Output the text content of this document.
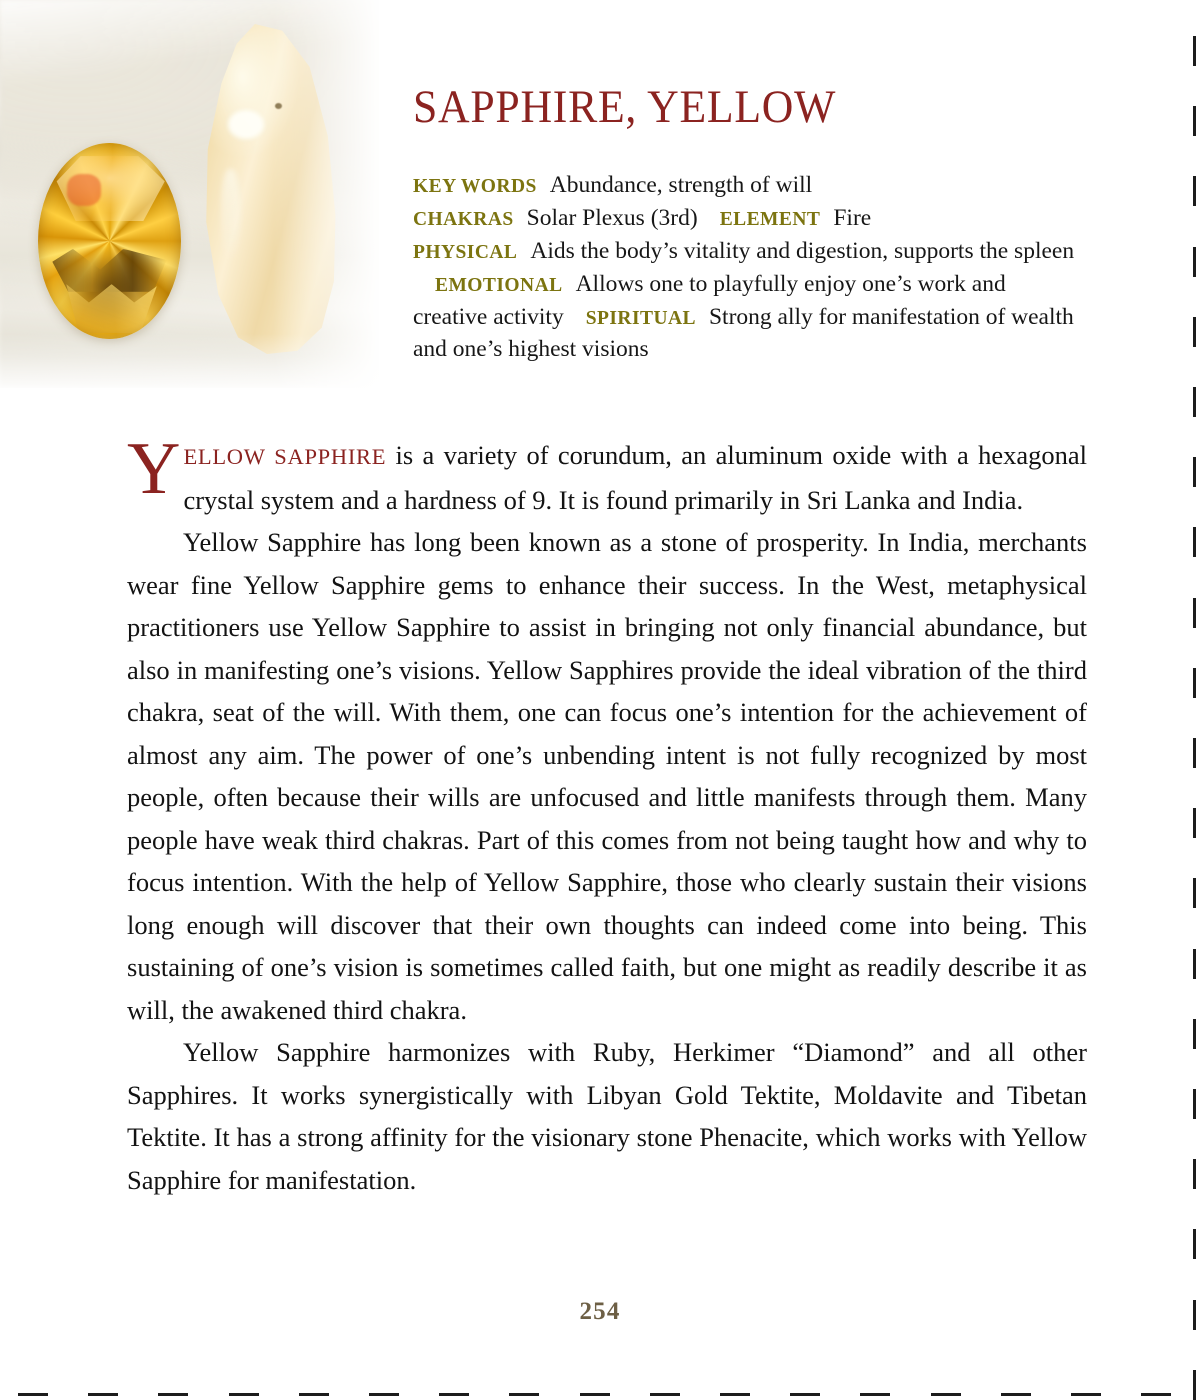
SAPPHIRE, YELLOW
KEY WORDS Abundance, strength of will
CHAKRAS Solar Plexus (3rd) ELEMENT Fire
PHYSICAL Aids the body’s vitality and digestion, supports the spleenEMOTIONAL Allows one to playfully enjoy one’s work and creative activity SPIRITUAL Strong ally for manifestation of wealth and one’s highest visions

YELLOW SAPPHIRE is a variety of corundum, an aluminum oxide with a hexagonal crystal system and a hardness of 9. It is found primarily in Sri Lanka and India.

Yellow Sapphire has long been known as a stone of prosperity. In India, merchants wear fine Yellow Sapphire gems to enhance their success. In the West, metaphysical practitioners use Yellow Sapphire to assist in bringing not only financial abundance, but also in manifesting one’s visions. Yellow Sapphires provide the ideal vibration of the third chakra, seat of the will. With them, one can focus one’s intention for the achievement of almost any aim. The power of one’s unbending intent is not fully recognized by most people, often because their wills are unfocused and little manifests through them. Many people have weak third chakras. Part of this comes from not being taught how and why to focus intention. With the help of Yellow Sapphire, those who clearly sustain their visions long enough will discover that their own thoughts can indeed come into being. This sustaining of one’s vision is sometimes called faith, but one might as readily describe it as will, the awakened third chakra.

Yellow Sapphire harmonizes with Ruby, Herkimer “Diamond” and all other Sapphires. It works synergistically with Libyan Gold Tektite, Moldavite and Tibetan Tektite. It has a strong affinity for the visionary stone Phenacite, which works with Yellow Sapphire for manifestation.

254
